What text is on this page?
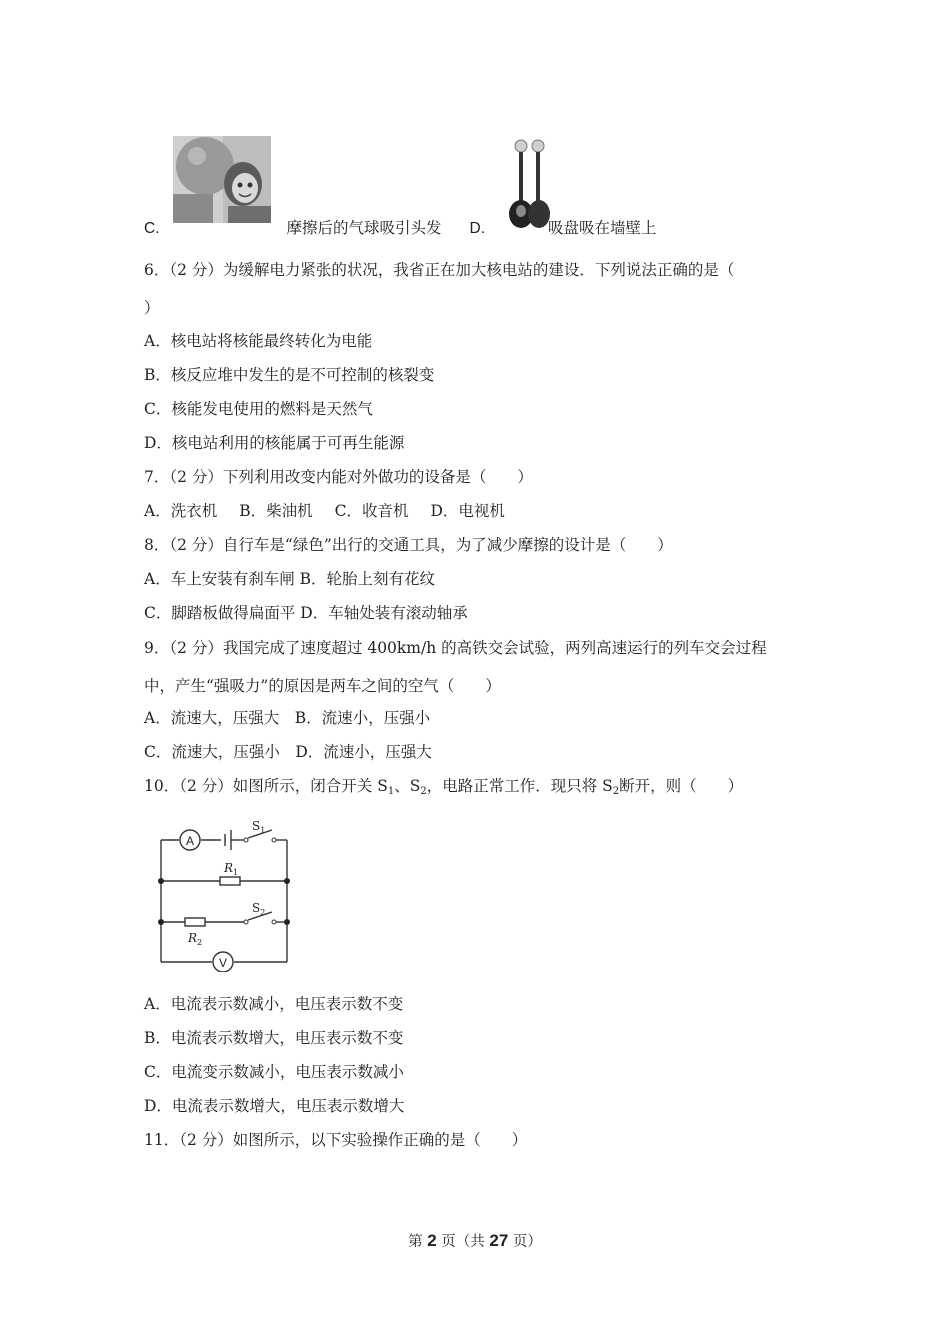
C.	摩擦后的气球吸引头发 D.	吸盘吸在墙壁上
6．（2 分）为缓解电力紧张的状况，我省正在加大核电站的建设．下列说法正确的是（
）
A．核电站将核能最终转化为电能
B．核反应堆中发生的是不可控制的核裂变
C．核能发电使用的燃料是天然气
D．核电站利用的核能属于可再生能源
7．（2 分）下列利用改变内能对外做功的设备是（　　）
A．洗衣机 B．柴油机 C．收音机 D．电视机
8．（2 分）自行车是“绿色”出行的交通工具，为了减少摩擦的设计是（　　）
A．车上安装有刹车闸 B．轮胎上刻有花纹
C．脚踏板做得扁面平 D．车轴处装有滚动轴承
9．（2 分）我国完成了速度超过 400km/h 的高铁交会试验，两列高速运行的列车交会过程
中，产生“强吸力”的原因是两车之间的空气（　　）
A．流速大，压强大　B．流速小，压强小
C．流速大，压强小　D．流速小，压强大
10．（2 分）如图所示，闭合开关 $S_1$、$S_2$，电路正常工作．现只将 $S_2$断开，则（　　）
A
V
$S_1$
$R_1$
$S_2$
$R_2$
A．电流表示数减小，电压表示数不变
B．电流表示数增大，电压表示数不变
C．电流变示数减小，电压表示数减小
D．电流表示数增大，电压表示数增大
11．（2 分）如图所示，以下实验操作正确的是（　　）
第 2 页（共 27 页）
